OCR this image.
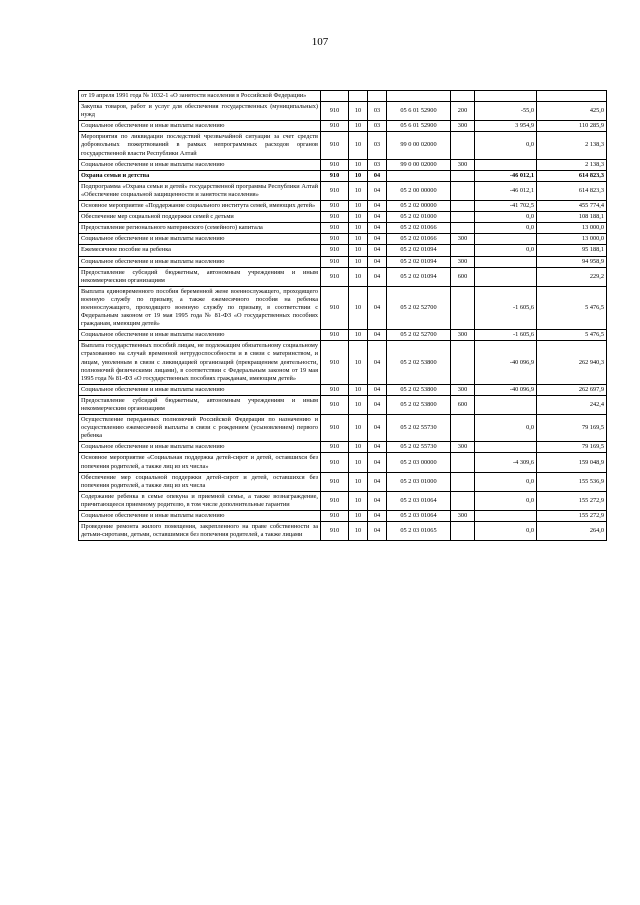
107
от 19 апреля 1991 года № 1032-1 «О занятости населения в Российской Федерации»							
Закупка товаров, работ и услуг для обеспечения государственных (муниципальных) нужд	910	10	03	05 6 01 52900	200	-55,0	425,0
Социальное обеспечение и иные выплаты населению	910	10	03	05 6 01 52900	300	3 954,9	110 285,9
Мероприятия по ликвидации последствий чрезвычайной ситуации за счет средств добровольных пожертвований в рамках непрограммных расходов органов государственной власти Республики Алтай	910	10	03	99 0 00 02000		0,0	2 138,3
Социальное обеспечение и иные выплаты населению	910	10	03	99 0 00 02000	300		2 138,3
Охрана семьи и детства	910	10	04			-46 012,1	614 823,3
Подпрограмма «Охрана семьи и детей» государственной программы Республики Алтай «Обеспечение социальной защищенности и занятости населения»	910	10	04	05 2 00 00000		-46 012,1	614 823,3
Основное мероприятие «Поддержание социального института семей, имеющих детей»	910	10	04	05 2 02 00000		-41 702,5	455 774,4
Обеспечение мер социальной поддержки семей с детьми	910	10	04	05 2 02 01000		0,0	108 188,1
Предоставление регионального материнского (семейного) капитала	910	10	04	05 2 02 01066		0,0	13 000,0
Социальное обеспечение и иные выплаты населению	910	10	04	05 2 02 01066	300		13 000,0
Ежемесячное пособие на ребенка	910	10	04	05 2 02 01094		0,0	95 188,1
Социальное обеспечение и иные выплаты населению	910	10	04	05 2 02 01094	300		94 958,9
Предоставление субсидий бюджетным, автономным учреждениям и иным некоммерческим организациям	910	10	04	05 2 02 01094	600		229,2
Выплата единовременного пособия беременной жене военнослужащего, проходящего военную службу по призыву, а также ежемесячного пособия на ребенка военнослужащего, проходящего военную службу по призыву, в соответствии с Федеральным законом от 19 мая 1995 года № 81-ФЗ «О государственных пособиях гражданам, имеющим детей»	910	10	04	05 2 02 52700		-1 605,6	5 476,5
Социальное обеспечение и иные выплаты населению	910	10	04	05 2 02 52700	300	-1 605,6	5 476,5
Выплата государственных пособий лицам, не подлежащим обязательному социальному страхованию на случай временной нетрудоспособности и в связи с материнством, и лицам, уволенным в связи с ликвидацией организаций (прекращением деятельности, полномочий физическими лицами), в соответствии с Федеральным законом от 19 мая 1995 года № 81-ФЗ «О государственных пособиях гражданам, имеющим детей»	910	10	04	05 2 02 53800		-40 096,9	262 940,3
Социальное обеспечение и иные выплаты населению	910	10	04	05 2 02 53800	300	-40 096,9	262 697,9
Предоставление субсидий бюджетным, автономным учреждениям и иным некоммерческим организациям	910	10	04	05 2 02 53800	600		242,4
Осуществление переданных полномочий Российской Федерации по назначению и осуществлению ежемесячной выплаты в связи с рождением (усыновлением) первого ребенка	910	10	04	05 2 02 55730		0,0	79 169,5
Социальное обеспечение и иные выплаты населению	910	10	04	05 2 02 55730	300		79 169,5
Основное мероприятие «Социальная поддержка детей-сирот и детей, оставшихся без попечения родителей, а также лиц из их числа»	910	10	04	05 2 03 00000		-4 309,6	159 048,9
Обеспечение мер социальной поддержки детей-сирот и детей, оставшихся без попечения родителей, а также лиц из их числа	910	10	04	05 2 03 01000		0,0	155 536,9
Содержание ребенка в семье опекуна и приемной семье, а также вознаграждение, причитающееся приемному родителю, в том числе дополнительные гарантии	910	10	04	05 2 03 01064		0,0	155 272,9
Социальное обеспечение и иные выплаты населению	910	10	04	05 2 03 01064	300		155 272,9
Проведение ремонта жилого помещения, закрепленного на праве собственности за детьми-сиротами, детьми, оставшимися без попечения родителей, а также лицами	910	10	04	05 2 03 01065		0,0	264,0
